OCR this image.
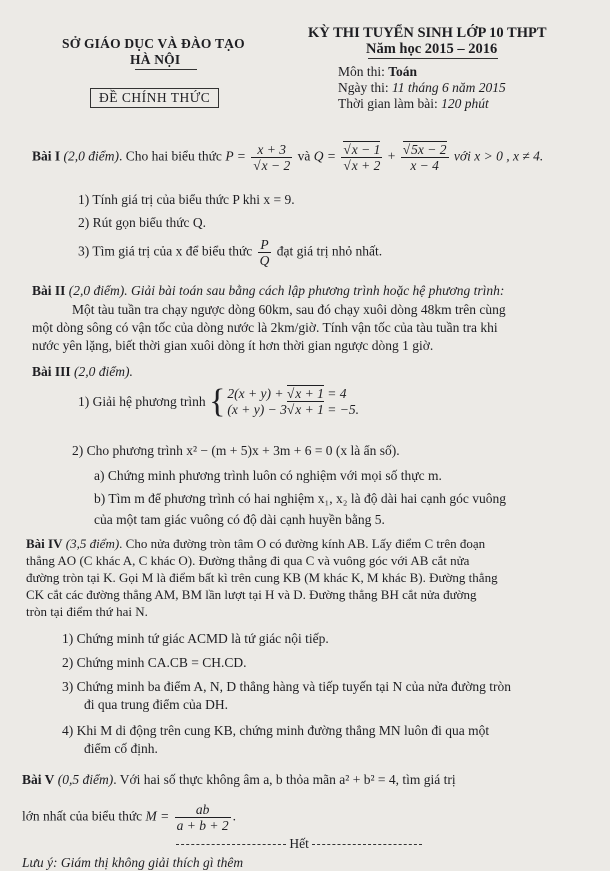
SỞ GIÁO DỤC VÀ ĐÀO TẠO
HÀ NỘI
KỲ THI TUYỂN SINH LỚP 10 THPT
Năm học 2015 – 2016
ĐỀ CHÍNH THỨC
Môn thi: Toán
Ngày thi: 11 tháng 6 năm 2015
Thời gian làm bài: 120 phút
Bài I (2,0 điểm). Cho hai biểu thức P = x + 3
√ x − 2 và Q = √ x − 1
√ x + 2 + √ $\frac{5x - 2}{x - 4}$ với x > 0 , x ≠ 4.
1) Tính giá trị của biểu thức P khi x = 9.
2) Rút gọn biểu thức Q.
3) Tìm giá trị của x để biểu thức $\frac{P}{Q}$ đạt giá trị nhỏ nhất.
Bài II (2,0 điểm). Giải bài toán sau bằng cách lập phương trình hoặc hệ phương trình:
Một tàu tuần tra chạy ngược dòng 60km, sau đó chạy xuôi dòng 48km trên cùng
một dòng sông có vận tốc của dòng nước là 2km/giờ. Tính vận tốc của tàu tuần tra khi
nước yên lặng, biết thời gian xuôi dòng ít hơn thời gian ngược dòng 1 giờ.
Bài III (2,0 điểm).
1) Giải hệ phương trình { 2(x + y) + √ x + 1 = 4
(x + y) − 3 √ x + 1 = −5.
2) Cho phương trình x² − (m + 5)x + 3m + 6 = 0 (x là ẩn số).
a) Chứng minh phương trình luôn có nghiệm với mọi số thực m.
b) Tìm m để phương trình có hai nghiệm x₁, x₂ là độ dài hai cạnh góc vuông
của một tam giác vuông có độ dài cạnh huyền bằng 5.
Bài IV (3,5 điểm). Cho nửa đường tròn tâm O có đường kính AB. Lấy điểm C trên đoạn
thẳng AO (C khác A, C khác O). Đường thẳng đi qua C và vuông góc với AB cắt nửa
đường tròn tại K. Gọi M là điểm bất kì trên cung KB (M khác K, M khác B). Đường thẳng
CK cắt các đường thẳng AM, BM lần lượt tại H và D. Đường thẳng BH cắt nửa đường
tròn tại điểm thứ hai N.
1) Chứng minh tứ giác ACMD là tứ giác nội tiếp.
2) Chứng minh CA.CB = CH.CD.
3) Chứng minh ba điểm A, N, D thẳng hàng và tiếp tuyến tại N của nửa đường tròn
đi qua trung điểm của DH.
4) Khi M di động trên cung KB, chứng minh đường thẳng MN luôn đi qua một
điểm cố định.
Bài V (0,5 điểm). Với hai số thực không âm a, b thỏa mãn a² + b² = 4, tìm giá trị
lớn nhất của biểu thức $M = \frac{ab}{a + b + 2}$ .
Hết
Lưu ý: Giám thị không giải thích gì thêm
